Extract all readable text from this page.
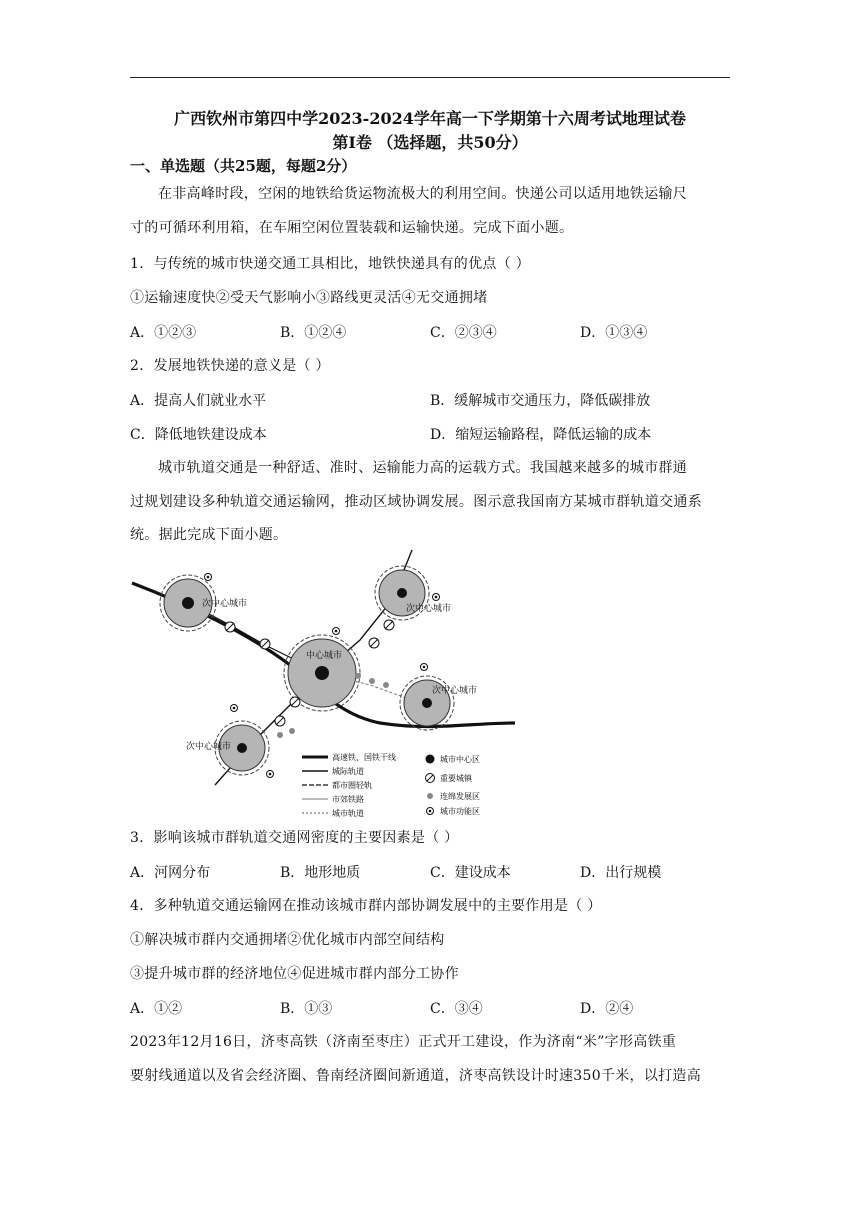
广西钦州市第四中学2023-2024学年高一下学期第十六周考试地理试卷
第I卷 （选择题，共50分）
一、单选题（共25题，每题2分）
在非高峰时段，空闲的地铁给货运物流极大的利用空间。快递公司以适用地铁运输尺
寸的可循环利用箱，在车厢空闲位置装载和运输快递。完成下面小题。
1．与传统的城市快递交通工具相比，地铁快递具有的优点（ ）
①运输速度快②受天气影响小③路线更灵活④无交通拥堵
A．①②③	B．①②④	C．②③④	D．①③④
2．发展地铁快递的意义是（ ）
A．提高人们就业水平	B．缓解城市交通压力，降低碳排放
C．降低地铁建设成本	D．缩短运输路程，降低运输的成本
城市轨道交通是一种舒适、准时、运输能力高的运载方式。我国越来越多的城市群通
过规划建设多种轨道交通运输网，推动区域协调发展。图示意我国南方某城市群轨道交通系
统。据此完成下面小题。
次中心城市	次中心城市
中心城市
次中心城市
次中心城市
高速铁、国铁干线
城际轨道
都市圈轻轨
市郊铁路
城市轨道
城市中心区
重要城镇
连绵发展区
城市功能区
3．影响该城市群轨道交通网密度的主要因素是（ ）
A．河网分布	B．地形地质	C．建设成本	D．出行规模
4．多种轨道交通运输网在推动该城市群内部协调发展中的主要作用是（ ）
①解决城市群内交通拥堵②优化城市内部空间结构
③提升城市群的经济地位④促进城市群内部分工协作
A．①②	B．①③	C．③④	D．②④
2023年12月16日，济枣高铁（济南至枣庄）正式开工建设，作为济南“米”字形高铁重
要射线通道以及省会经济圈、鲁南经济圈间新通道，济枣高铁设计时速350千米，以打造高
